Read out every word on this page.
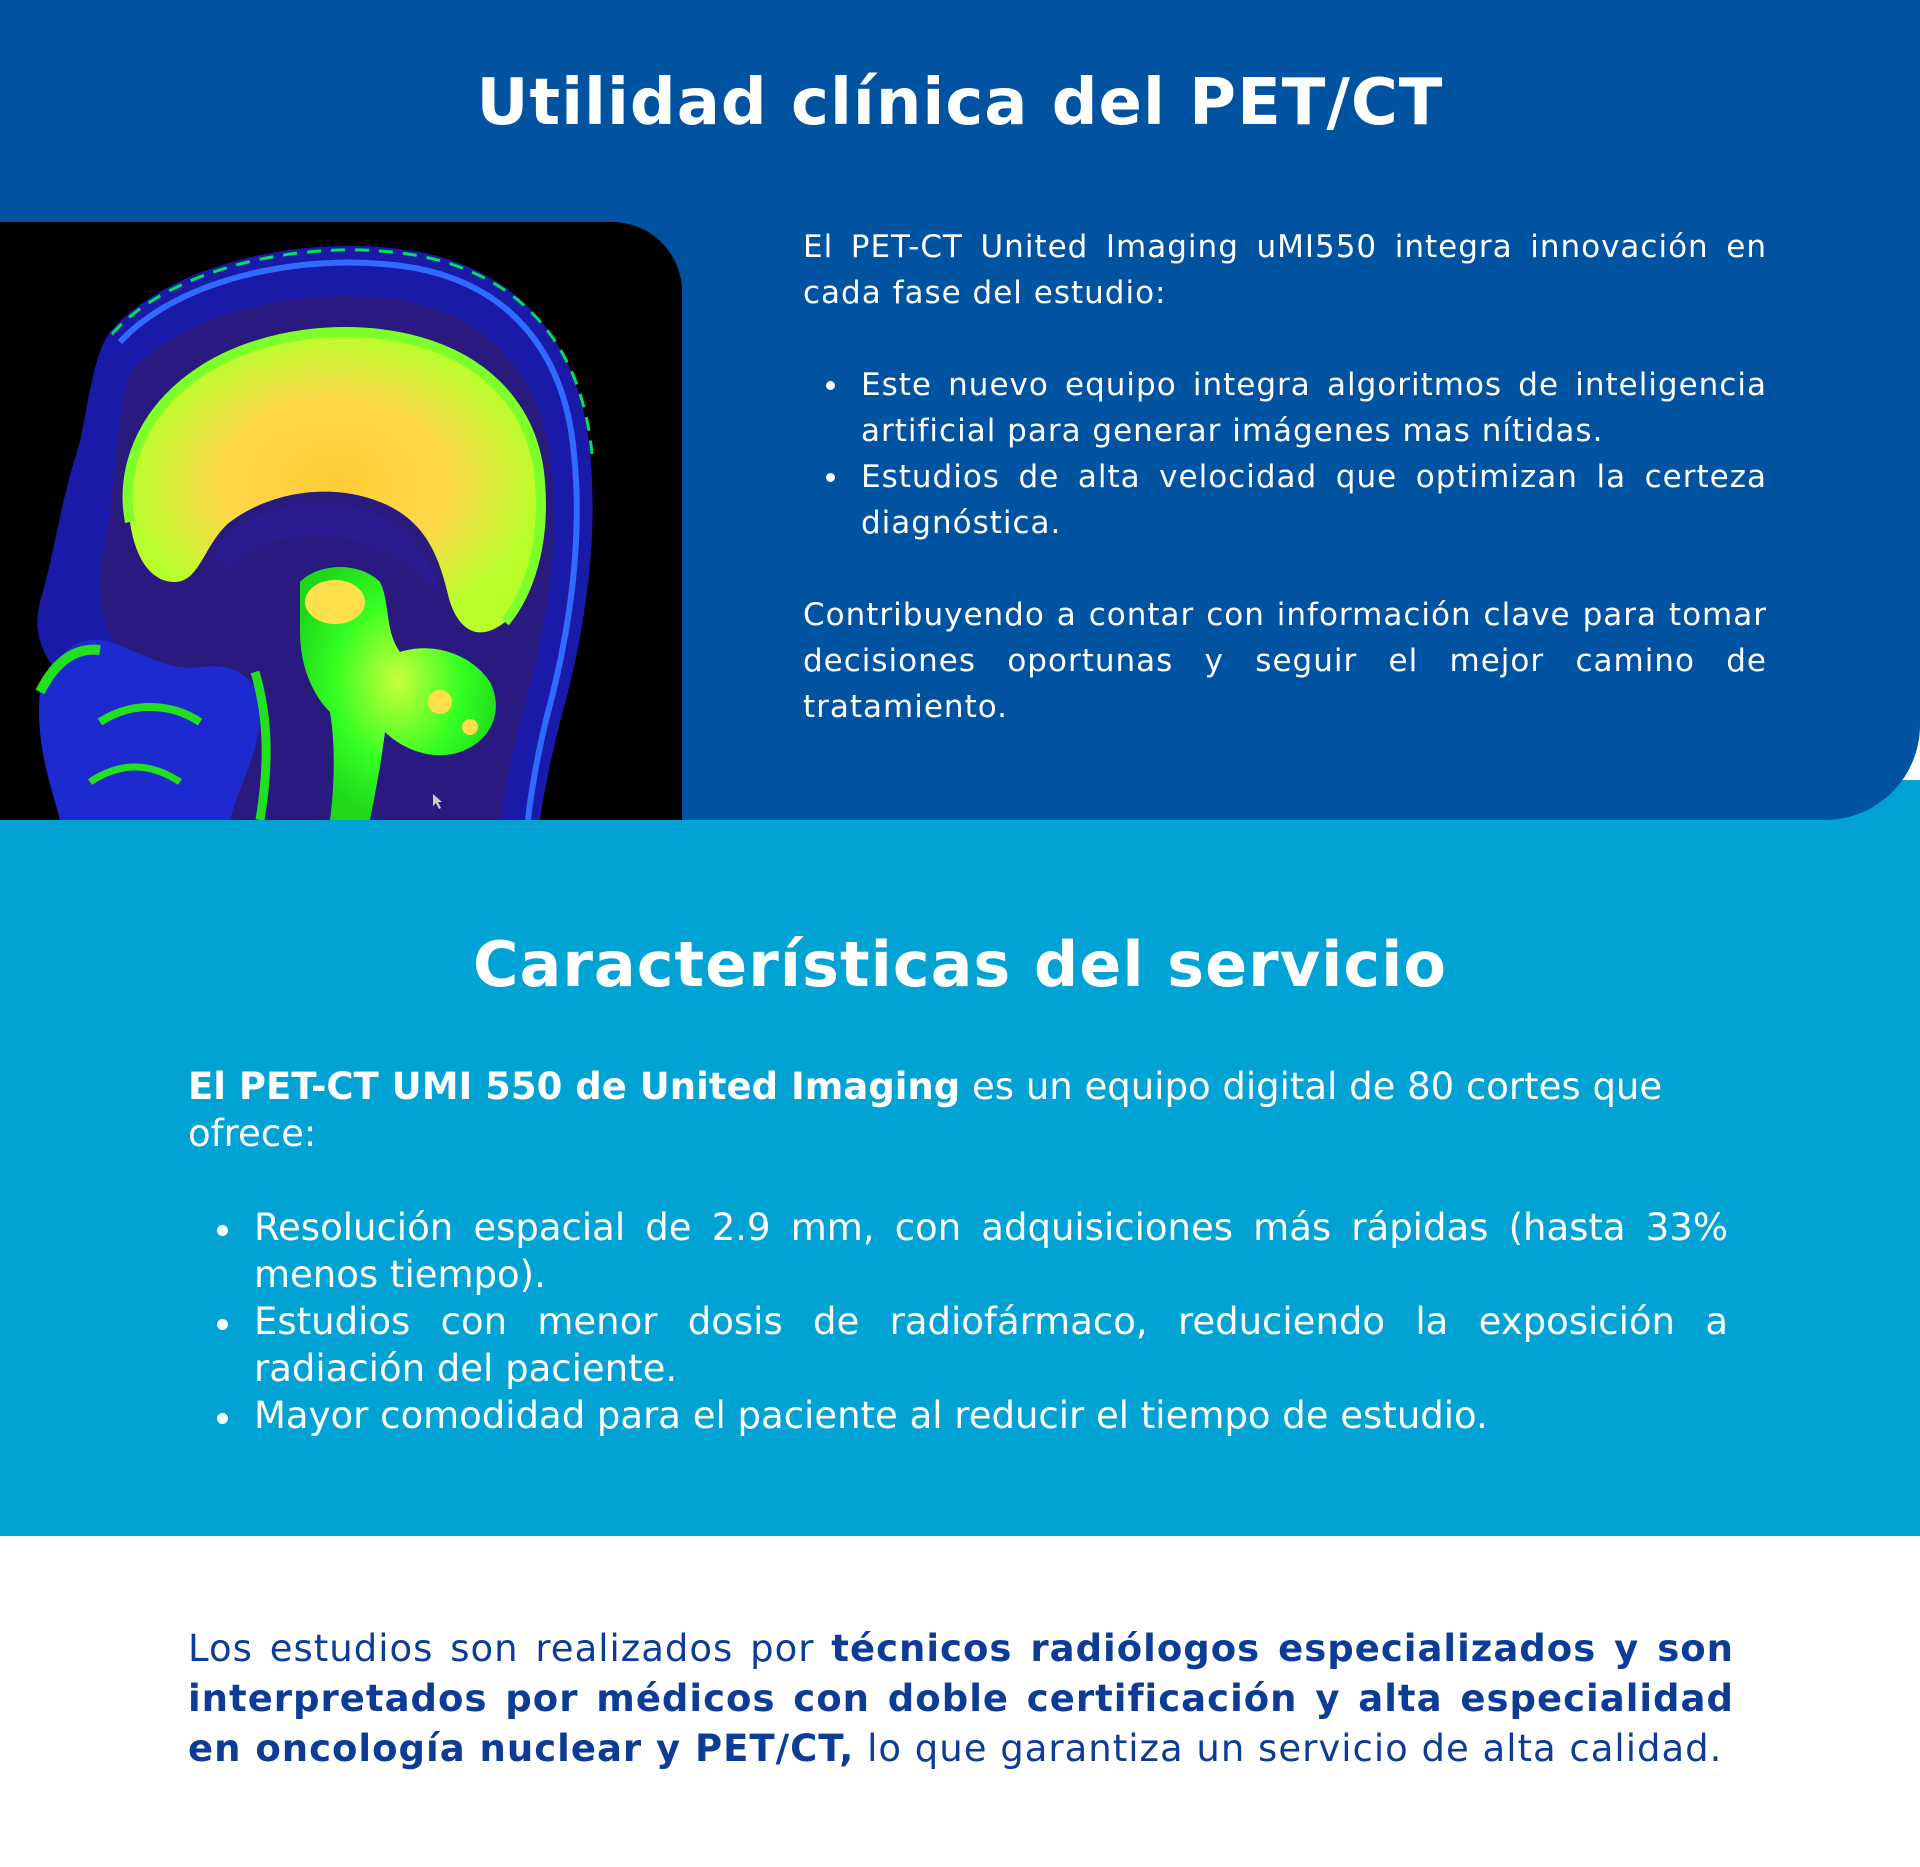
Utilidad clínica del PET/CT

El PET-CT United Imaging uMI550 integra innovación en cada fase del estudio:

Este nuevo equipo integra algoritmos de inteligencia artificial para generar imágenes mas nítidas.
Estudios de alta velocidad que optimizan la certeza diagnóstica.

Contribuyendo a contar con información clave para tomar decisiones oportunas y seguir el mejor camino de tratamiento.

Características del servicio

El PET-CT UMI 550 de United Imaging es un equipo digital de 80 cortes que ofrece:

Resolución espacial de 2.9 mm, con adquisiciones más rápidas (hasta 33% menos tiempo).
Estudios con menor dosis de radiofármaco, reduciendo la exposición a radiación del paciente.
Mayor comodidad para el paciente al reducir el tiempo de estudio.

Los estudios son realizados por técnicos radiólogos especializados y son interpretados por médicos con doble certificación y alta especialidad en oncología nuclear y PET/CT, lo que garantiza un servicio de alta calidad.
